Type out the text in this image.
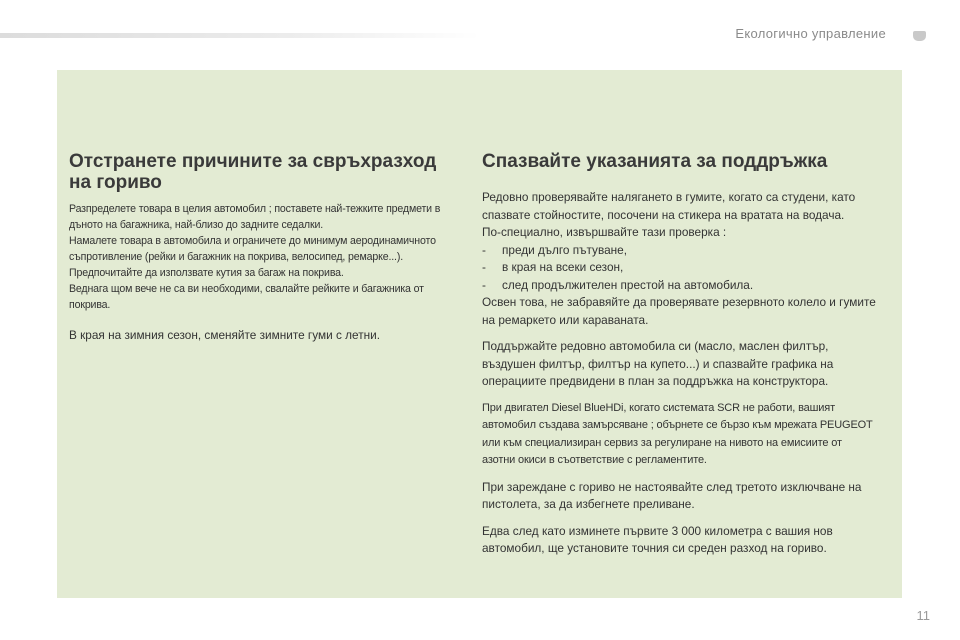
Екологично управление
Отстранете причините за свръхразход на гориво

Разпределете товара в целия автомобил ; поставете най-тежките предмети в дъното на багажника, най-близо до задните седалки.

Намалете товара в автомобила и ограничете до минимум аеродинамичното съпротивление (рейки и багажник на покрива, велосипед, ремарке...). Предпочитайте да използвате кутия за багаж на покрива.

Веднага щом вече не са ви необходими, свалайте рейките и багажника от покрива.

В края на зимния сезон, сменяйте зимните гуми с летни.

Спазвайте указанията за поддръжка

Редовно проверявайте налягането в гумите, когато са студени, като спазвате стойностите, посочени на стикера на вратата на водача.

По-специално, извършвайте тази проверка :

- преди дълго пътуване,
- в края на всеки сезон,
- след продължителен престой на автомобила.

Освен това, не забравяйте да проверявате резервното колело и гумите на ремаркето или караваната.

Поддържайте редовно автомобила си (масло, маслен филтър, въздушен филтър, филтър на купето...) и спазвайте графика на операциите предвидени в план за поддръжка на конструктора.

При двигател Diesel BlueHDi, когато системата SCR не работи, вашият автомобил създава замърсяване ; обърнете се бързо към мрежата PEUGEOT или към специализиран сервиз за регулиране на нивото на емисиите от азотни окиси в съответствие с регламентите.

При зареждане с гориво не настоявайте след третото изключване на пистолета, за да избегнете преливане.

Едва след като изминете първите 3 000 километра с вашия нов автомобил, ще установите точния си среден разход на гориво.

11
